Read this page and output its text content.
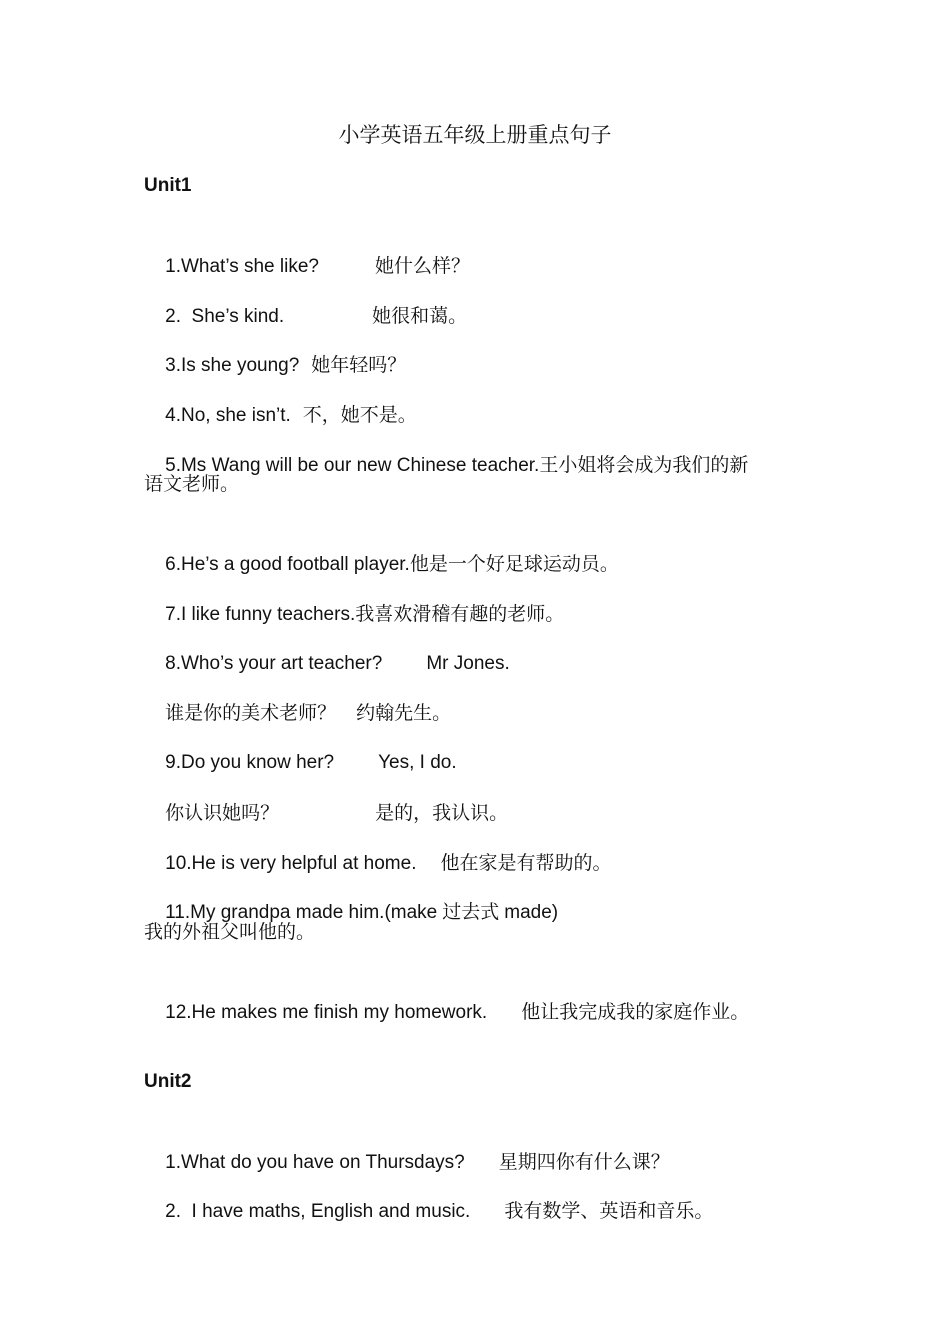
小学英语五年级上册重点句子
Unit1

1.What’s she like?	她什么样？

2.  She’s kind.	她很和蔼。

3.Is she young? 她年轻吗？

4.No, she isn’t. 不，她不是。

5.Ms Wang will be our new Chinese teacher.王小姐将会成为我们的新

语文老师。

6.He’s a good football player.他是一个好足球运动员。

7.I like funny teachers.我喜欢滑稽有趣的老师。

8.Who’s your art teacher? Mr Jones.

谁是你的美术老师？ 约翰先生。

9.Do you know her? Yes, I do.

你认识她吗？	是的，我认识。

10.He is very helpful at home. 他在家是有帮助的。

11.My grandpa made him.(make 过去式 made)

我的外祖父叫他的。

12.He makes me finish my homework. 他让我完成我的家庭作业。

Unit2

1.What do you have on Thursdays? 星期四你有什么课？

2.  I have maths, English and music. 我有数学、英语和音乐。
